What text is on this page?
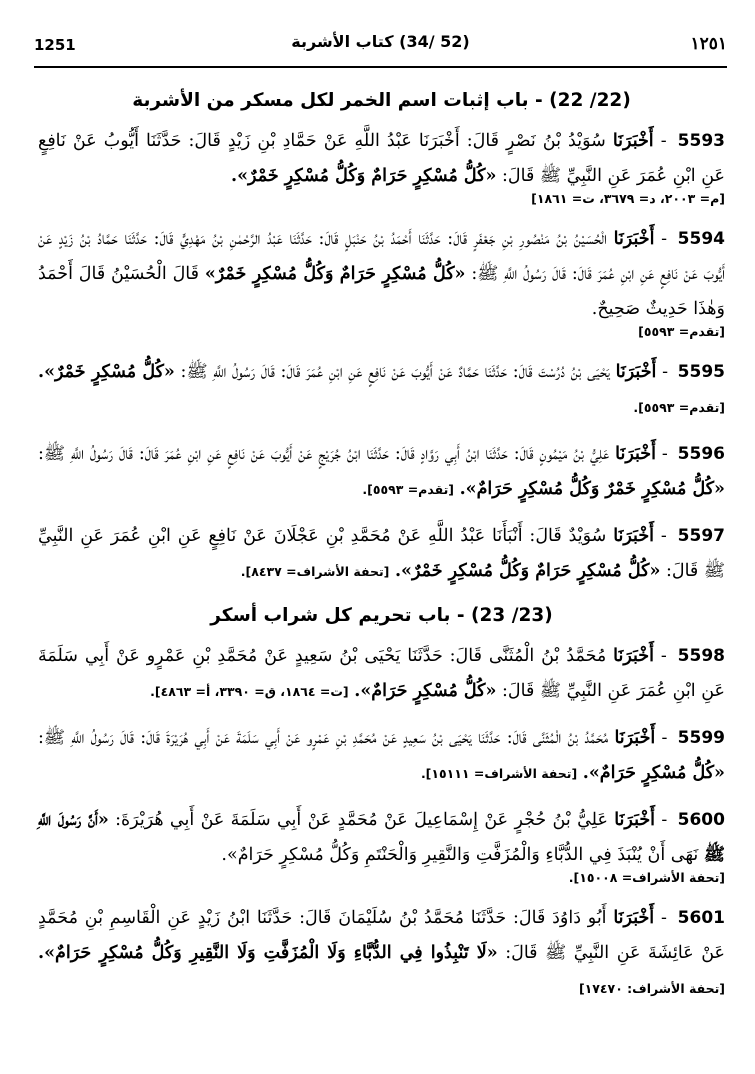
1251	(52 /34) كتاب الأشربة	١٢٥١
(22/ 22) - باب إثبات اسم الخمر لكل مسكر من الأشربة
5593 - أَخْبَرَنَا سُوَيْدُ بْنُ نَصْرٍ قَالَ: أَخْبَرَنَا عَبْدُ اللَّهِ عَنْ حَمَّادِ بْنِ زَيْدٍ قَالَ: حَدَّثَنَا أَيُّوبُ عَنْ نَافِعٍ عَنِ ابْنِ عُمَرَ عَنِ النَّبِيِّ ﷺ قَالَ: «كُلُّ مُسْكِرٍ حَرَامٌ وَكُلُّ مُسْكِرٍ خَمْرٌ».
[م= ٢٠٠٣، د= ٣٦٧٩، ت= ١٨٦١]
5594 - أَخْبَرَنَا الْحُسَيْنُ بْنُ مَنْصُورِ بْنِ جَعْفَرٍ قَالَ: حَدَّثَنَا أَحْمَدُ بْنُ حَنْبَلٍ قَالَ: حَدَّثَنَا عَبْدُ الرَّحْمٰنِ بْنُ مَهْدِيٍّ قَالَ: حَدَّثَنَا حَمَّادُ بْنُ زَيْدٍ عَنْ أَيُّوبَ عَنْ نَافِعٍ عَنِ ابْنِ عُمَرَ قَالَ: قَالَ رَسُولُ اللَّهِ ﷺ: «كُلُّ مُسْكِرٍ حَرَامٌ وَكُلُّ مُسْكِرٍ خَمْرٌ» قَالَ الْحُسَيْنُ قَالَ أَحْمَدُ وَهٰذَا حَدِيثٌ صَحِيحٌ.
[تقدم= ٥٥٩٣]
5595 - أَخْبَرَنَا يَحْيَى بْنُ دُرُسْتَ قَالَ: حَدَّثَنَا حَمَّادٌ عَنْ أَيُّوبَ عَنْ نَافِعٍ عَنِ ابْنِ عُمَرَ قَالَ: قَالَ رَسُولُ اللَّهِ ﷺ: «كُلُّ مُسْكِرٍ خَمْرٌ». [تقدم= ٥٥٩٣].
5596 - أَخْبَرَنَا عَلِيُّ بْنُ مَيْمُونٍ قَالَ: حَدَّثَنَا ابْنُ أَبِي رَوَّادٍ قَالَ: حَدَّثَنَا ابْنُ جُرَيْجٍ عَنْ أَيُّوبَ عَنْ نَافِعٍ عَنِ ابْنِ عُمَرَ قَالَ: قَالَ رَسُولُ اللَّهِ ﷺ: «كُلُّ مُسْكِرٍ خَمْرٌ وَكُلُّ مُسْكِرٍ حَرَامٌ». [تقدم= ٥٥٩٣].
5597 - أَخْبَرَنَا سُوَيْدٌ قَالَ: أَنْبَأَنَا عَبْدُ اللَّهِ عَنْ مُحَمَّدِ بْنِ عَجْلَانَ عَنْ نَافِعٍ عَنِ ابْنِ عُمَرَ عَنِ النَّبِيِّ ﷺ قَالَ: «كُلُّ مُسْكِرٍ حَرَامٌ وَكُلُّ مُسْكِرٍ خَمْرٌ». [تحفة الأشراف= ٨٤٣٧].
(23/ 23) - باب تحريم كل شراب أسكر
5598 - أَخْبَرَنَا مُحَمَّدُ بْنُ الْمُثَنَّى قَالَ: حَدَّثَنَا يَحْيَى بْنُ سَعِيدٍ عَنْ مُحَمَّدِ بْنِ عَمْرٍو عَنْ أَبِي سَلَمَةَ عَنِ ابْنِ عُمَرَ عَنِ النَّبِيِّ ﷺ قَالَ: «كُلُّ مُسْكِرٍ حَرَامٌ». [ت= ١٨٦٤، ق= ٣٣٩٠، أ= ٤٨٦٣].
5599 - أَخْبَرَنَا مُحَمَّدُ بْنُ الْمُثَنَّى قَالَ: حَدَّثَنَا يَحْيَى بْنُ سَعِيدٍ عَنْ مُحَمَّدِ بْنِ عَمْرٍو عَنْ أَبِي سَلَمَةَ عَنْ أَبِي هُرَيْرَةَ قَالَ: قَالَ رَسُولُ اللَّهِ ﷺ: «كُلُّ مُسْكِرٍ حَرَامٌ». [تحفة الأشراف= ١٥١١١].
5600 - أَخْبَرَنَا عَلِيُّ بْنُ حُجْرٍ عَنْ إِسْمَاعِيلَ عَنْ مُحَمَّدٍ عَنْ أَبِي سَلَمَةَ عَنْ أَبِي هُرَيْرَةَ: «أَنَّ رَسُولَ اللَّهِ ﷺ نَهَى أَنْ يُنْبَذَ فِي الدُّبَّاءِ وَالْمُزَفَّتِ وَالنَّقِيرِ وَالْحَنْتَمِ وَكُلُّ مُسْكِرٍ حَرَامٌ».
[تحفة الأشراف= ١٥٠٠٨].
5601 - أَخْبَرَنَا أَبُو دَاوُدَ قَالَ: حَدَّثَنَا مُحَمَّدُ بْنُ سُلَيْمَانَ قَالَ: حَدَّثَنَا ابْنُ زَيْدٍ عَنِ الْقَاسِمِ بْنِ مُحَمَّدٍ عَنْ عَائِشَةَ عَنِ النَّبِيِّ ﷺ قَالَ: «لَا تَنْبِذُوا فِي الدُّبَّاءِ وَلَا الْمُزَفَّتِ وَلَا النَّقِيرِ وَكُلُّ مُسْكِرٍ حَرَامٌ». [تحفة الأشراف: ١٧٤٧٠]
